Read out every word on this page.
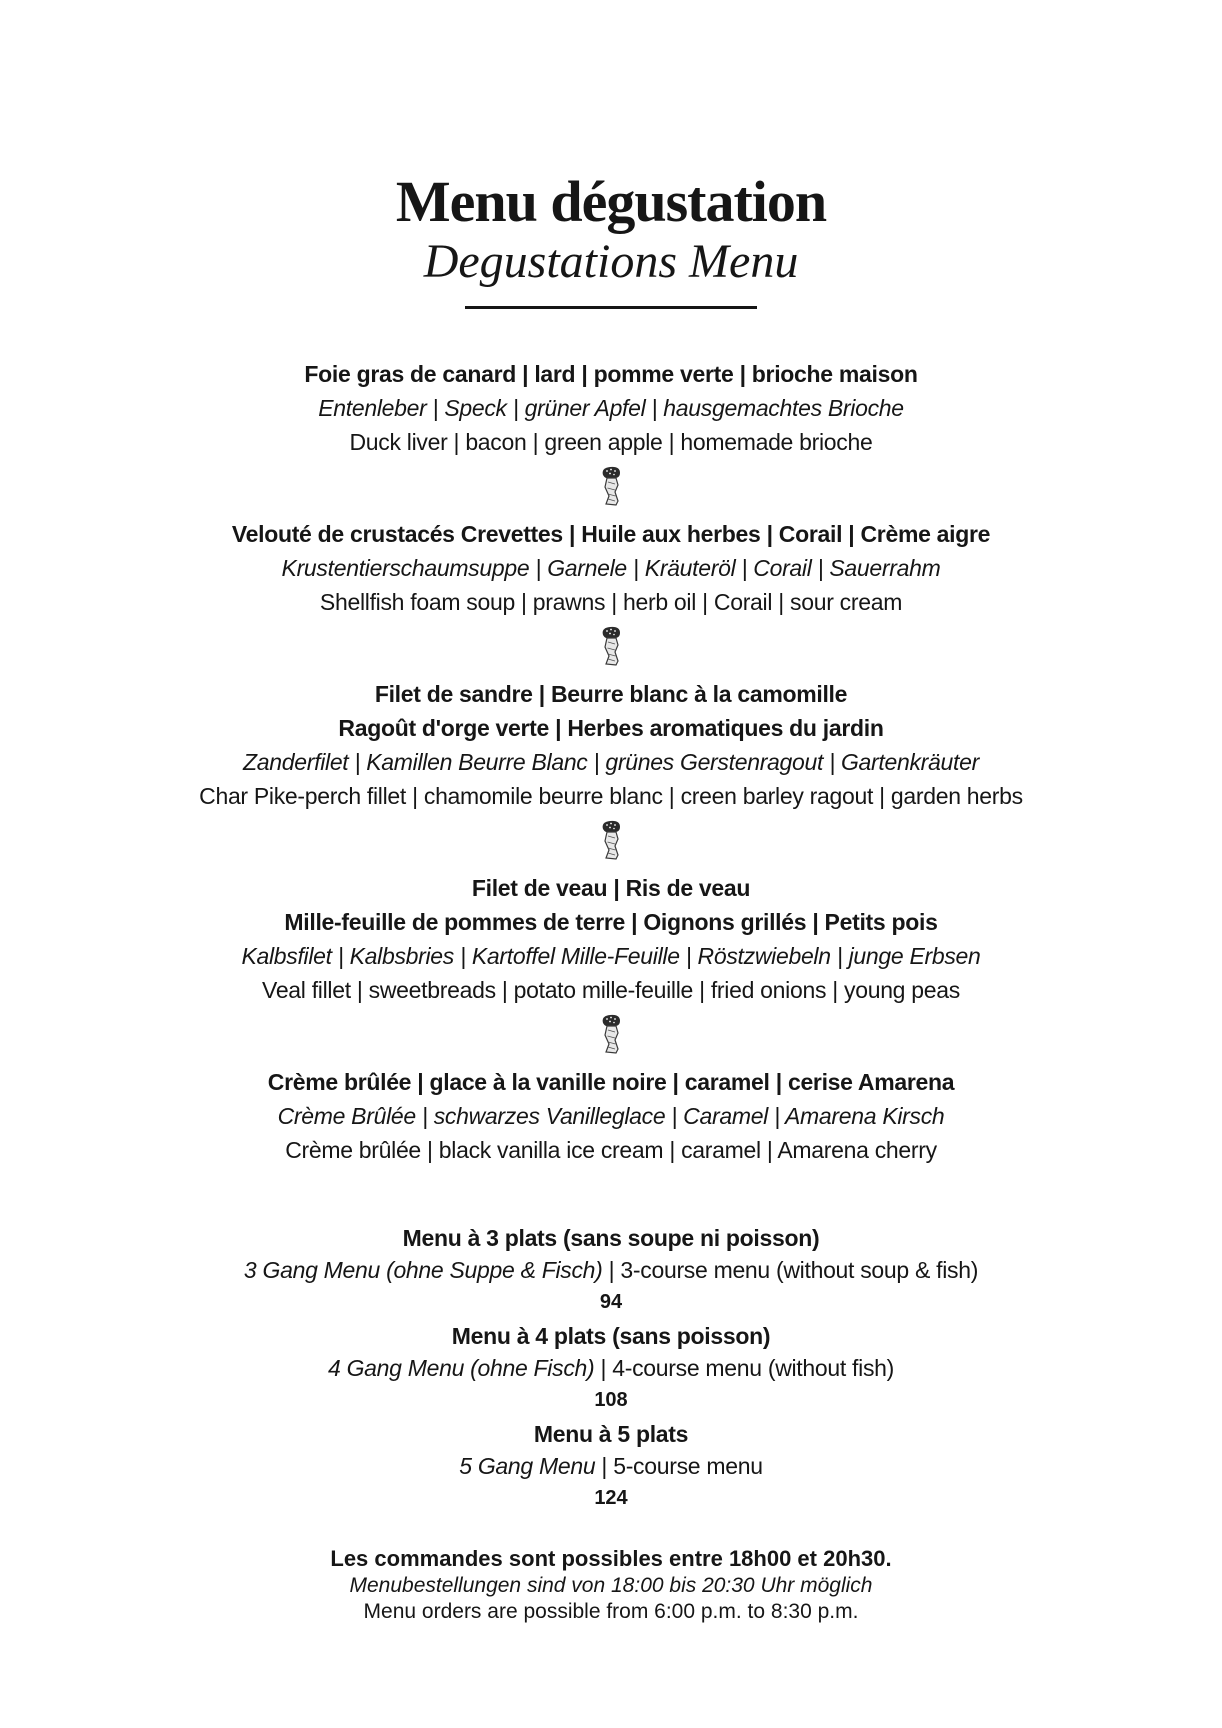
Menu dégustation
Degustations Menu
Foie gras de canard | lard | pomme verte | brioche maison
Entenleber | Speck | grüner Apfel | hausgemachtes Brioche
Duck liver | bacon | green apple | homemade brioche
Velouté de crustacés Crevettes | Huile aux herbes | Corail | Crème aigre
Krustentierschaumsuppe | Garnele | Kräuteröl | Corail | Sauerrahm
Shellfish foam soup | prawns | herb oil | Corail | sour cream
Filet de sandre | Beurre blanc à la camomille
Ragoût d'orge verte | Herbes aromatiques du jardin
Zanderfilet | Kamillen Beurre Blanc | grünes Gerstenragout | Gartenkräuter
Char Pike-perch fillet | chamomile beurre blanc | creen barley ragout | garden herbs
Filet de veau | Ris de veau
Mille-feuille de pommes de terre | Oignons grillés | Petits pois
Kalbsfilet | Kalbsbries | Kartoffel Mille-Feuille | Röstzwiebeln | junge Erbsen
Veal fillet | sweetbreads | potato mille-feuille | fried onions | young peas
Crème brûlée | glace à la vanille noire | caramel | cerise Amarena
Crème Brûlée | schwarzes Vanilleglace | Caramel | Amarena Kirsch
Crème brûlée | black vanilla ice cream | caramel | Amarena cherry
Menu à 3 plats (sans soupe ni poisson)
3 Gang Menu (ohne Suppe & Fisch) | 3-course menu (without soup & fish)
94
Menu à 4 plats (sans poisson)
4 Gang Menu (ohne Fisch) | 4-course menu (without fish)
108
Menu à 5 plats
5 Gang Menu | 5-course menu
124
Les commandes sont possibles entre 18h00 et 20h30.
Menubestellungen sind von 18:00 bis 20:30 Uhr möglich
Menu orders are possible from 6:00 p.m. to 8:30 p.m.
